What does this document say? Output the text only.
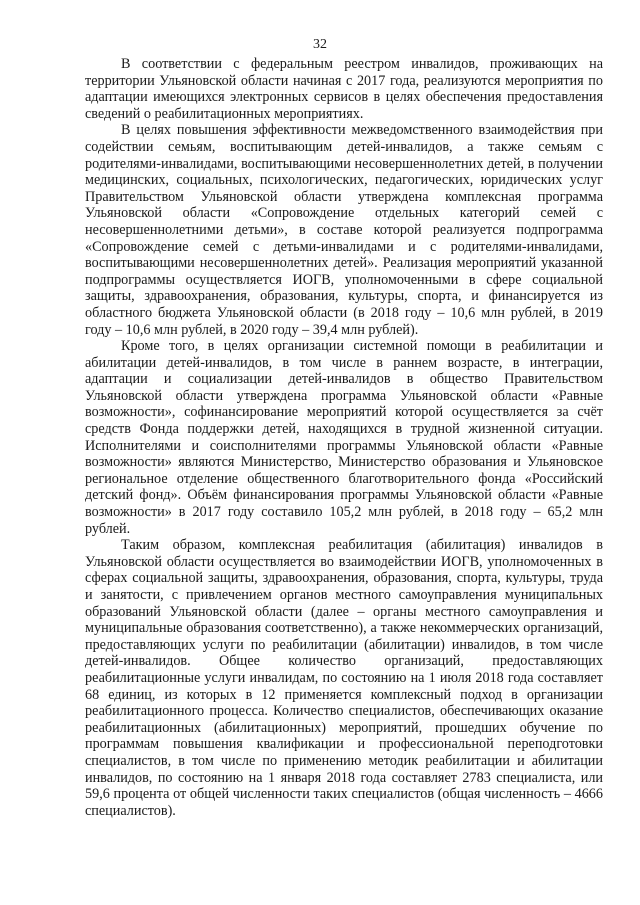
32

В соответствии с федеральным реестром инвалидов, проживающих на территории Ульяновской области начиная с 2017 года, реализуются мероприятия по адаптации имеющихся электронных сервисов в целях обеспечения предоставления сведений о реабилитационных мероприятиях.

В целях повышения эффективности межведомственного взаимодействия при содействии семьям, воспитывающим детей-инвалидов, а также семьям с родителями-инвалидами, воспитывающими несовершеннолетних детей, в получении медицинских, социальных, психологических, педагогических, юридических услуг Правительством Ульяновской области утверждена комплексная программа Ульяновской области «Сопровождение отдельных категорий семей с несовершеннолетними детьми», в составе которой реализуется подпрограмма «Сопровождение семей с детьми-инвалидами и с родителями-инвалидами, воспитывающими несовершеннолетних детей». Реализация мероприятий указанной подпрограммы осуществляется ИОГВ, уполномоченными в сфере социальной защиты, здравоохранения, образования, культуры, спорта, и финансируется из областного бюджета Ульяновской области (в 2018 году – 10,6 млн рублей, в 2019 году – 10,6 млн рублей, в 2020 году – 39,4 млн рублей).

Кроме того, в целях организации системной помощи в реабилитации и абилитации детей-инвалидов, в том числе в раннем возрасте, в интеграции, адаптации и социализации детей-инвалидов в общество Правительством Ульяновской области утверждена программа Ульяновской области «Равные возможности», софинансирование мероприятий которой осуществляется за счёт средств Фонда поддержки детей, находящихся в трудной жизненной ситуации. Исполнителями и соисполнителями программы Ульяновской области «Равные возможности» являются Министерство, Министерство образования и Ульяновское региональное отделение общественного благотворительного фонда «Российский детский фонд». Объём финансирования программы Ульяновской области «Равные возможности» в 2017 году составило 105,2 млн рублей, в 2018 году – 65,2 млн рублей.

Таким образом, комплексная реабилитация (абилитация) инвалидов в Ульяновской области осуществляется во взаимодействии ИОГВ, уполномоченных в сферах социальной защиты, здравоохранения, образования, спорта, культуры, труда и занятости, с привлечением органов местного самоуправления муниципальных образований Ульяновской области (далее – органы местного самоуправления и муниципальные образования соответственно), а также некоммерческих организаций, предоставляющих услуги по реабилитации (абилитации) инвалидов, в том числе детей-инвалидов. Общее количество организаций, предоставляющих реабилитационные услуги инвалидам, по состоянию на 1 июля 2018 года составляет 68 единиц, из которых в 12 применяется комплексный подход в организации реабилитационного процесса. Количество специалистов, обеспечивающих оказание реабилитационных (абилитационных) мероприятий, прошедших обучение по программам повышения квалификации и профессиональной переподготовки специалистов, в том числе по применению методик реабилитации и абилитации инвалидов, по состоянию на 1 января 2018 года составляет 2783 специалиста, или 59,6 процента от общей численности таких специалистов (общая численность – 4666 специалистов).
